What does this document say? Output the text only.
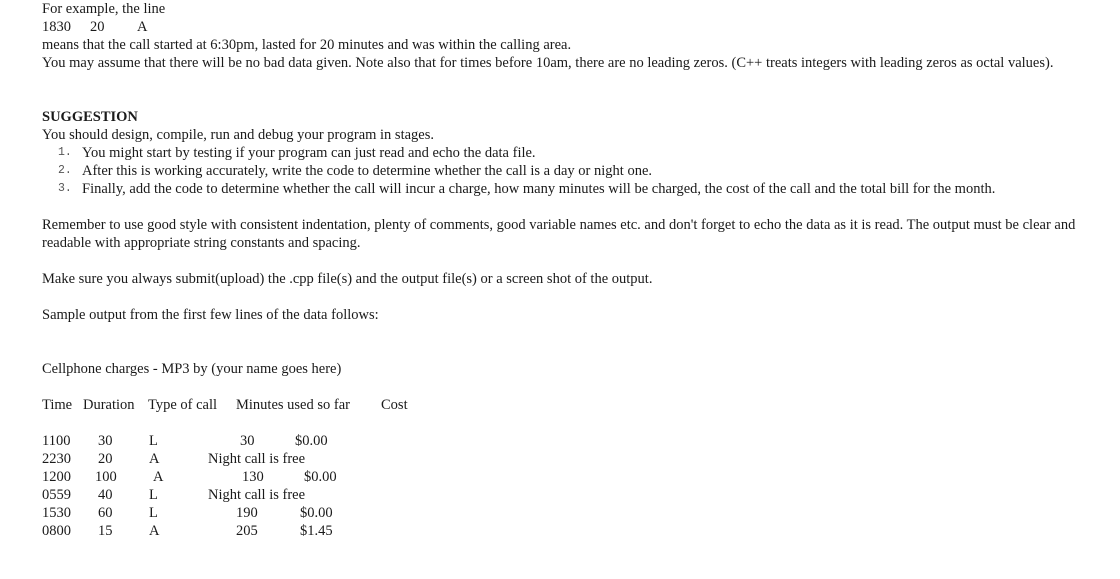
For example, the line
1830 20 A
means that the call started at 6:30pm, lasted for 20 minutes and was within the calling area.
You may assume that there will be no bad data given. Note also that for times before 10am, there are no leading zeros. (C++ treats integers with leading zeros as octal values).
SUGGESTION
You should design, compile, run and debug your program in stages.
1. You might start by testing if your program can just read and echo the data file.
2. After this is working accurately, write the code to determine whether the call is a day or night one.
3. Finally, add the code to determine whether the call will incur a charge, how many minutes will be charged, the cost of the call and the total bill for the month.
Remember to use good style with consistent indentation, plenty of comments, good variable names etc. and don't forget to echo the data as it is read. The output must be clear and readable with appropriate string constants and spacing.
Make sure you always submit(upload) the .cpp file(s) and the output file(s) or a screen shot of the output.
Sample output from the first few lines of the data follows:
Cellphone charges - MP3 by (your name goes here)
Time Duration Type of call Minutes used so far Cost
1100 30	L	30	$0.00
2230 20	A	Night call is free
1200 100	A	130	$0.00
0559 40	L	Night call is free
1530 60	L	190	$0.00
0800 15	A	205	$1.45
